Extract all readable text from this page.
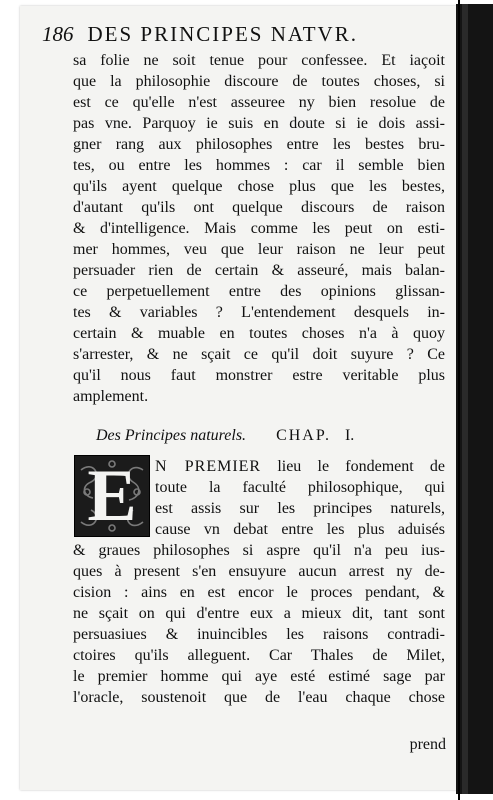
186 DES PRINCIPES NATVR.
sa folie ne soit tenue pour confessee. Et iaçoit
que la philosophie discoure de toutes choses, si
est ce qu'elle n'est asseuree ny bien resolue de
pas vne. Parquoy ie suis en doute si ie dois assi-
gner rang aux philosophes entre les bestes bru-
tes, ou entre les hommes : car il semble bien
qu'ils ayent quelque chose plus que les bestes,
d'autant qu'ils ont quelque discours de raison
& d'intelligence. Mais comme les peut on esti-
mer hommes, veu que leur raison ne leur peut
persuader rien de certain & asseuré, mais balan-
ce perpetuellement entre des opinions glissan-
tes & variables ? L'entendement desquels in-
certain & muable en toutes choses n'a à quoy
s'arrester, & ne sçait ce qu'il doit suyure ? Ce
qu'il nous faut monstrer estre veritable plus
amplement.
Des Principes naturels. CHAP. I.
E	N PREMIER lieu le fondement de
toute la faculté philosophique, qui
est assis sur les principes naturels,
cause vn debat entre les plus aduisés
& graues philosophes si aspre qu'il n'a peu ius-
ques à present s'en ensuyure aucun arrest ny de-
cision : ains en est encor le proces pendant, &
ne sçait on qui d'entre eux a mieux dit, tant sont
persuasiues & inuincibles les raisons contradi-
ctoires qu'ils alleguent. Car Thales de Milet,
le premier homme qui aye esté estimé sage par
l'oracle, soustenoit que de l'eau chaque chose
prend
